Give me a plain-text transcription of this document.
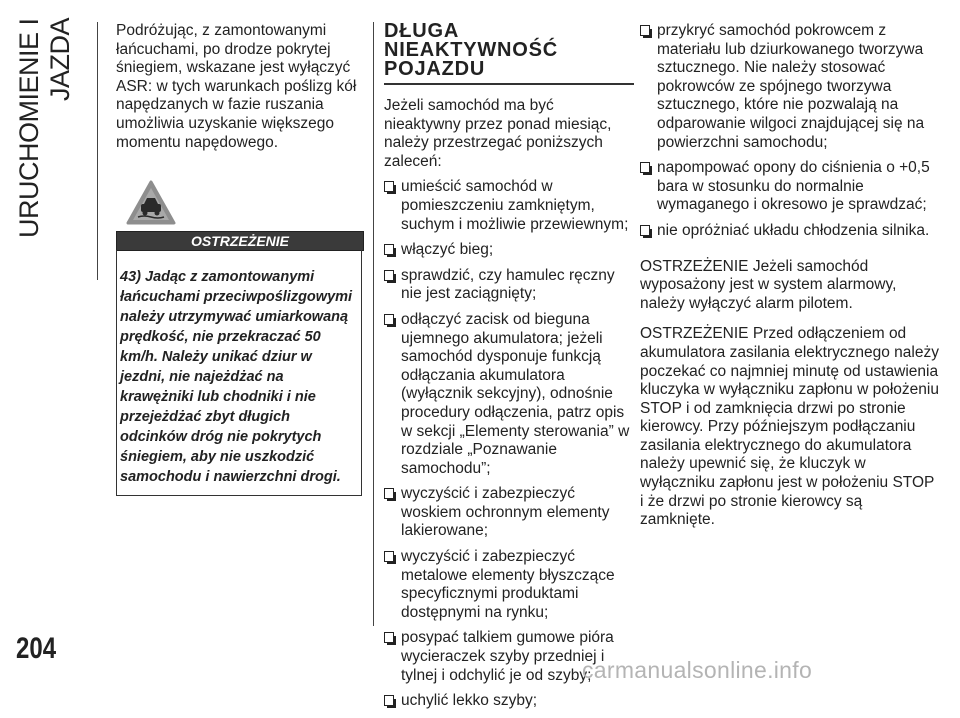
URUCHOMIENIE I JAZDA	Podróżując, z zamontowanymi łańcuchami, po drodze pokrytej śniegiem, wskazane jest wyłączyć ASR: w tych warunkach poślizg kół napędzanych w fazie ruszania umożliwia uzyskanie większego momentu napędowego.

OSTRZEŻENIE
43) Jadąc z zamontowanymi łańcuchami przeciwpoślizgowymi należy utrzymywać umiarkowaną prędkość, nie przekraczać 50 km/h. Należy unikać dziur w jezdni, nie najeżdżać na krawężniki lub chodniki i nie przejeżdżać zbyt długich odcinków dróg nie pokrytych śniegiem, aby nie uszkodzić samochodu i nawierzchni drogi.
DŁUGA
NIEAKTYWNOŚĆ
POJAZDU

Jeżeli samochód ma być nieaktywny przez ponad miesiąc, należy przestrzegać poniższych zaleceń:

umieścić samochód w pomieszczeniu zamkniętym, suchym i możliwie przewiewnym;
włączyć bieg;
sprawdzić, czy hamulec ręczny nie jest zaciągnięty;
odłączyć zacisk od bieguna ujemnego akumulatora; jeżeli samochód dysponuje funkcją odłączania akumulatora (wyłącznik sekcyjny), odnośnie procedury odłączenia, patrz opis w sekcji „Elementy sterowania” w rozdziale „Poznawanie samochodu”;
wyczyścić i zabezpieczyć woskiem ochronnym elementy lakierowane;
wyczyścić i zabezpieczyć metalowe elementy błyszczące specyficznymi produktami dostępnymi na rynku;
posypać talkiem gumowe pióra wycieraczek szyby przedniej i tylnej i odchylić je od szyby;
uchylić lekko szyby;
przykryć samochód pokrowcem z materiału lub dziurkowanego tworzywa sztucznego. Nie należy stosować pokrowców ze spójnego tworzywa sztucznego, które nie pozwalają na odparowanie wilgoci znajdującej się na powierzchni samochodu;
napompować opony do ciśnienia o +0,5 bara w stosunku do normalnie wymaganego i okresowo je sprawdzać;
nie opróżniać układu chłodzenia silnika.

OSTRZEŻENIE Jeżeli samochód wyposażony jest w system alarmowy, należy wyłączyć alarm pilotem.

OSTRZEŻENIE Przed odłączeniem od akumulatora zasilania elektrycznego należy poczekać co najmniej minutę od ustawienia kluczyka w wyłączniku zapłonu w położeniu STOP i od zamknięcia drzwi po stronie kierowcy. Przy późniejszym podłączaniu zasilania elektrycznego do akumulatora należy upewnić się, że kluczyk w wyłączniku zapłonu jest w położeniu STOP i że drzwi po stronie kierowcy są zamknięte.

204
carmanualsonline.info
